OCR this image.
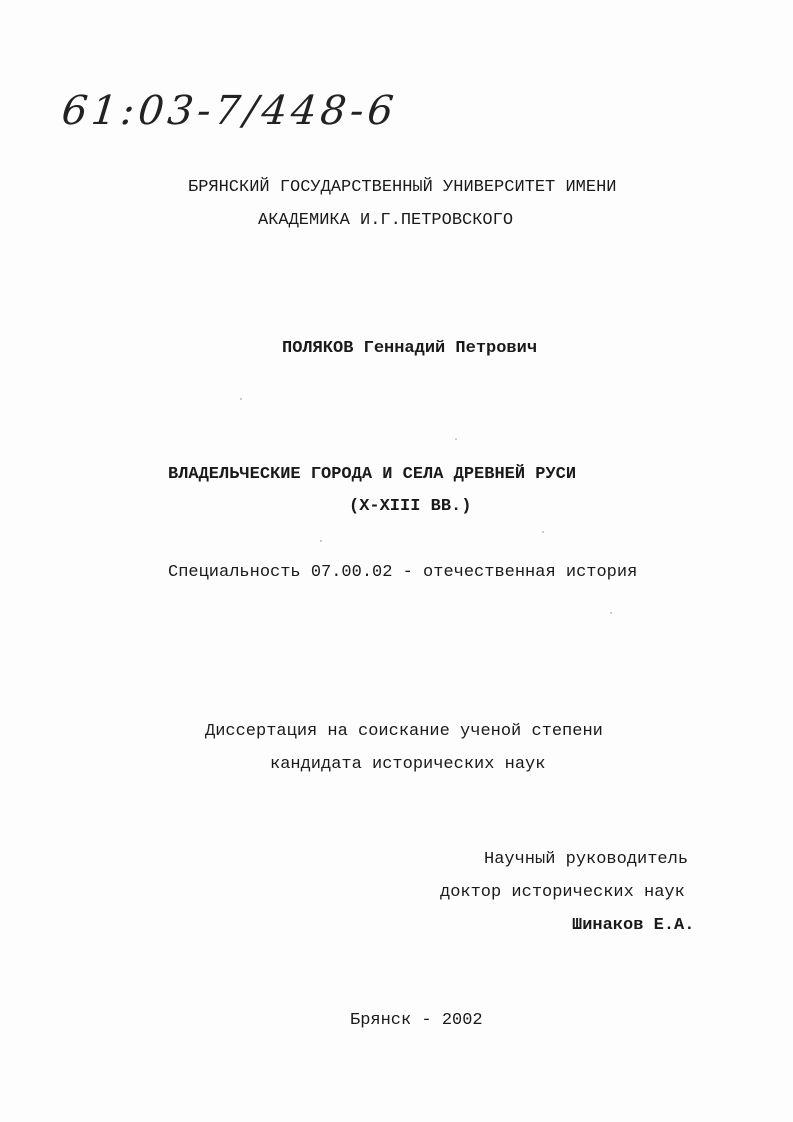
61:03-7/448-6
БРЯНСКИЙ ГОСУДАРСТВЕННЫЙ УНИВЕРСИТЕТ ИМЕНИ
АКАДЕМИКА И.Г.ПЕТРОВСКОГО
ПОЛЯКОВ Геннадий Петрович
ВЛАДЕЛЬЧЕСКИЕ ГОРОДА И СЕЛА ДРЕВНЕЙ РУСИ
(X-XIII ВВ.)
Специальность 07.00.02 - отечественная история
Диссертация на соискание ученой степени
кандидата исторических наук
Научный руководитель
доктор исторических наук
Шинаков Е.А.
Брянск - 2002
